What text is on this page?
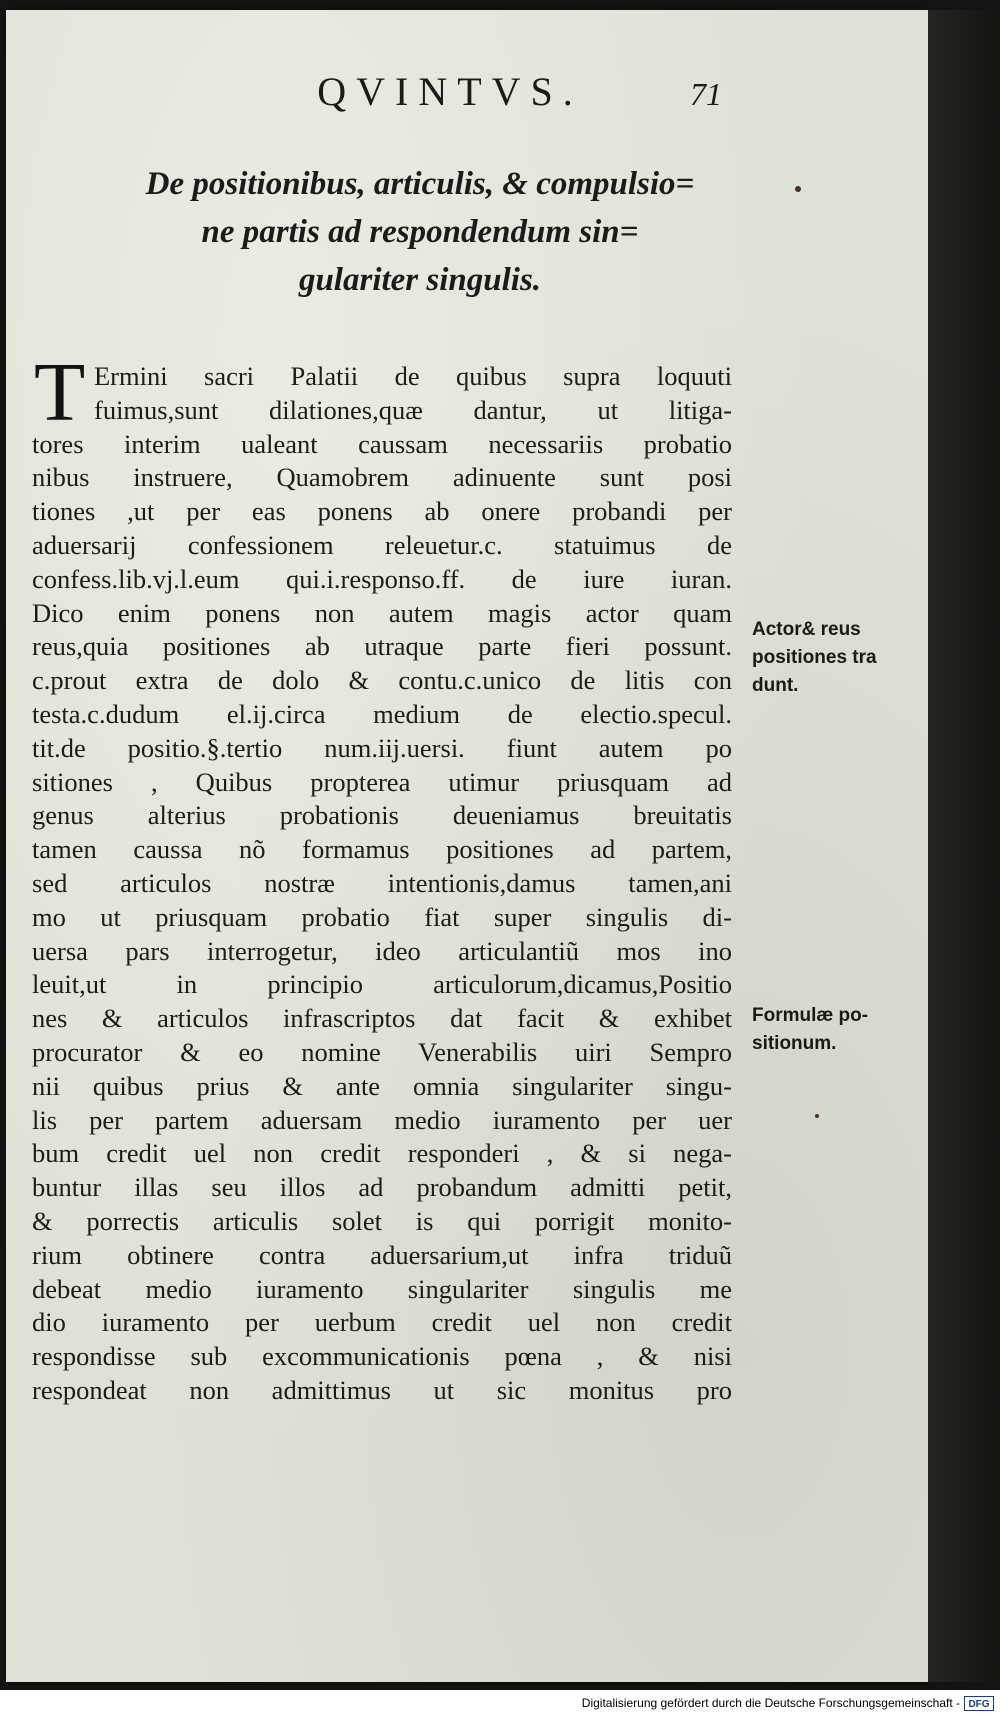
QVINTVS.	71

De positionibus, articulis, & compulsio=
ne partis ad respondendum sin=
gulariter singulis.
T Ermini sacri Palatii de quibus supra loquuti
fuimus,sunt dilationes,quæ dantur, ut litiga-
tores interim ualeant caussam necessariis probatio
nibus instruere, Quamobrem adinuente sunt posi
tiones ,ut per eas ponens ab onere probandi per
aduersarij confessionem releuetur.c. statuimus de
confess.lib.vj.l.eum qui.i.responso.ff. de iure iuran.
Dico enim ponens non autem magis actor quam
reus,quia positiones ab utraque parte fieri possunt.
c.prout extra de dolo & contu.c.unico de litis con
testa.c.dudum el.ij.circa medium de electio.specul.
tit.de positio.§.tertio num.iij.uersi. fiunt autem po
sitiones , Quibus propterea utimur priusquam ad
genus alterius probationis deueniamus breuitatis
tamen caussa nõ formamus positiones ad partem,
sed articulos nostræ intentionis,damus tamen,ani
mo ut priusquam probatio fiat super singulis di-
uersa pars interrogetur, ideo articulantiũ mos ino
leuit,ut in principio articulorum,dicamus,Positio
nes & articulos infrascriptos dat facit & exhibet
procurator & eo nomine Venerabilis uiri Sempro
nii quibus prius & ante omnia singulariter singu-
lis per partem aduersam medio iuramento per uer
bum credit uel non credit responderi , & si nega-
buntur illas seu illos ad probandum admitti petit,
& porrectis articulis solet is qui porrigit monito-
rium obtinere contra aduersarium,ut infra triduũ
debeat medio iuramento singulariter singulis me
dio iuramento per uerbum credit uel non credit
respondisse sub excommunicationis pœna , & nisi
respondeat non admittimus ut sic monitus pro
Actor& reus
positiones tra
dunt.
Formulæ po-
sitionum.

Digitalisierung gefördert durch die Deutsche Forschungsgemeinschaft - DFG
